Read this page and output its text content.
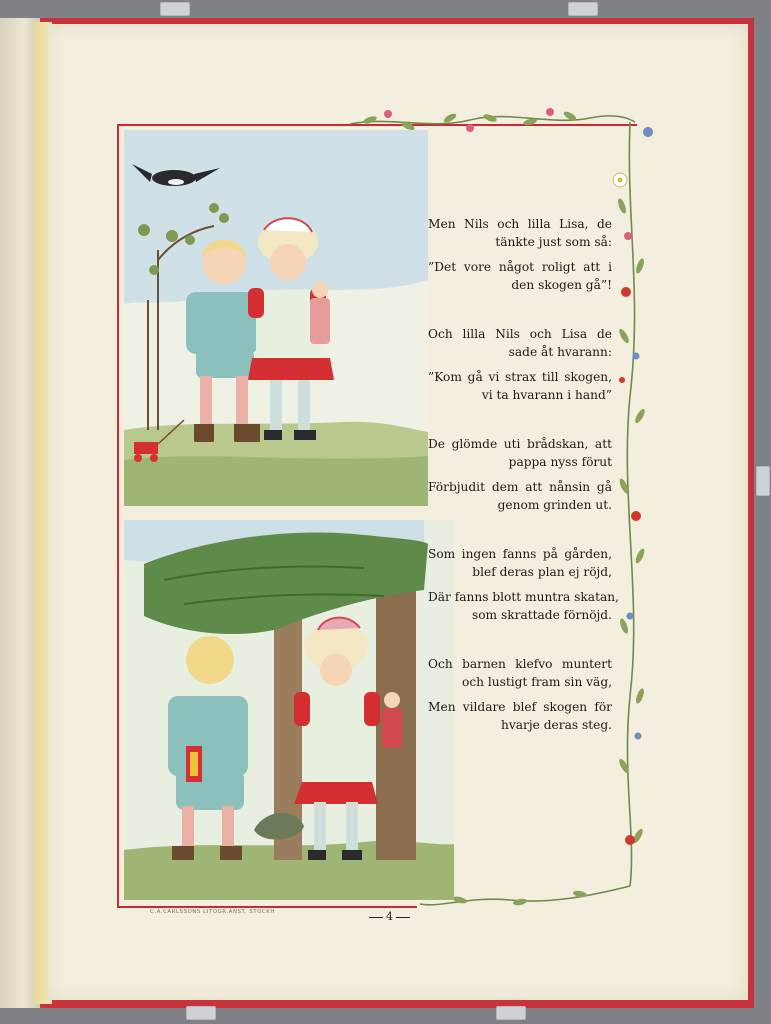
Men Nils och lilla Lisa, de
tänkte just som så:
”Det vore något roligt att i
den skogen gå”!
Och lilla Nils och Lisa de
sade åt hvarann:
”Kom gå vi strax till skogen,
vi ta hvarann i hand”
De glömde uti brådskan, att
pappa nyss förut
Förbjudit dem att nånsin gå
genom grinden ut.
Som ingen fanns på gården,
blef deras plan ej röjd,
Där fanns blott muntra skatan,
som skrattade förnöjd.
Och barnen klefvo muntert
och lustigt fram sin väg,
Men vildare blef skogen för
hvarje deras steg.
C.A.CARLSSONS LITOGR.ANST. STOCKH	4
